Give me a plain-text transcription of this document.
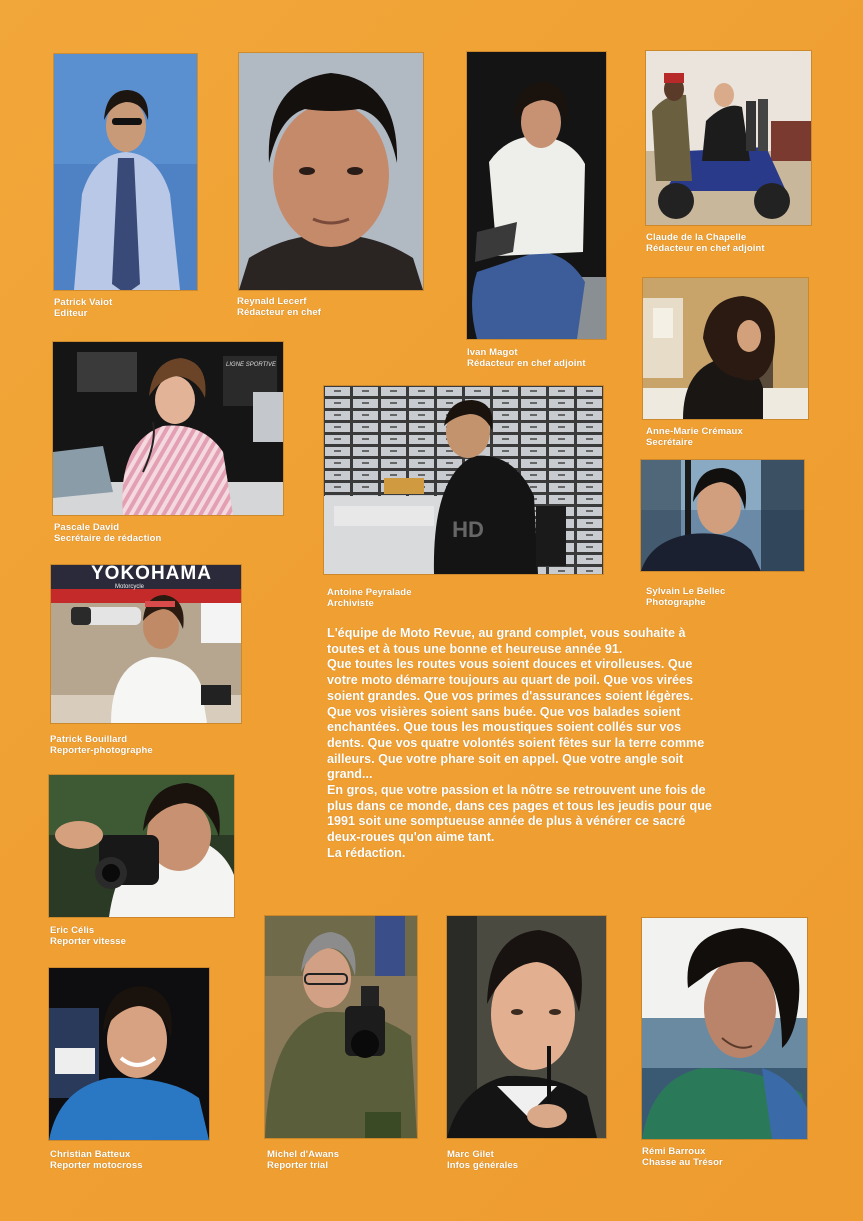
Patrick Vaiot
Editeur
Reynald Lecerf
Rédacteur en chef
Ivan Magot
Rédacteur en chef adjoint
Claude de la Chapelle
Rédacteur en chef adjoint
Anne-Marie Crémaux
Secrétaire
LIGNE SPORTIVE
Pascale David
Secrétaire de rédaction
Antoine Peyralade
Archiviste
HD
Sylvain Le Bellec
Photographe
YOKOHAMA
Motorcycle
Patrick Bouillard
Reporter-photographe
Eric Célis
Reporter vitesse
Christian Batteux
Reporter motocross
Michel d'Awans
Reporter trial
Marc Gilet
Infos générales
Rémi Barroux
Chasse au Trésor

L'équipe de Moto Revue, au grand complet, vous souhaite à toutes et à tous une bonne et heureuse année 91.

Que toutes les routes vous soient douces et virolleuses. Que votre moto démarre toujours au quart de poil. Que vos virées soient grandes. Que vos primes d'assurances soient légères. Que vos visières soient sans buée. Que vos balades soient enchantées. Que tous les moustiques soient collés sur vos dents. Que vos quatre volontés soient fêtes sur la terre comme ailleurs. Que votre phare soit en appel. Que votre angle soit grand...

En gros, que votre passion et la nôtre se retrouvent une fois de plus dans ce monde, dans ces pages et tous les jeudis pour que 1991 soit une somptueuse année de plus à vénérer ce sacré deux-roues qu'on aime tant.

La rédaction.
